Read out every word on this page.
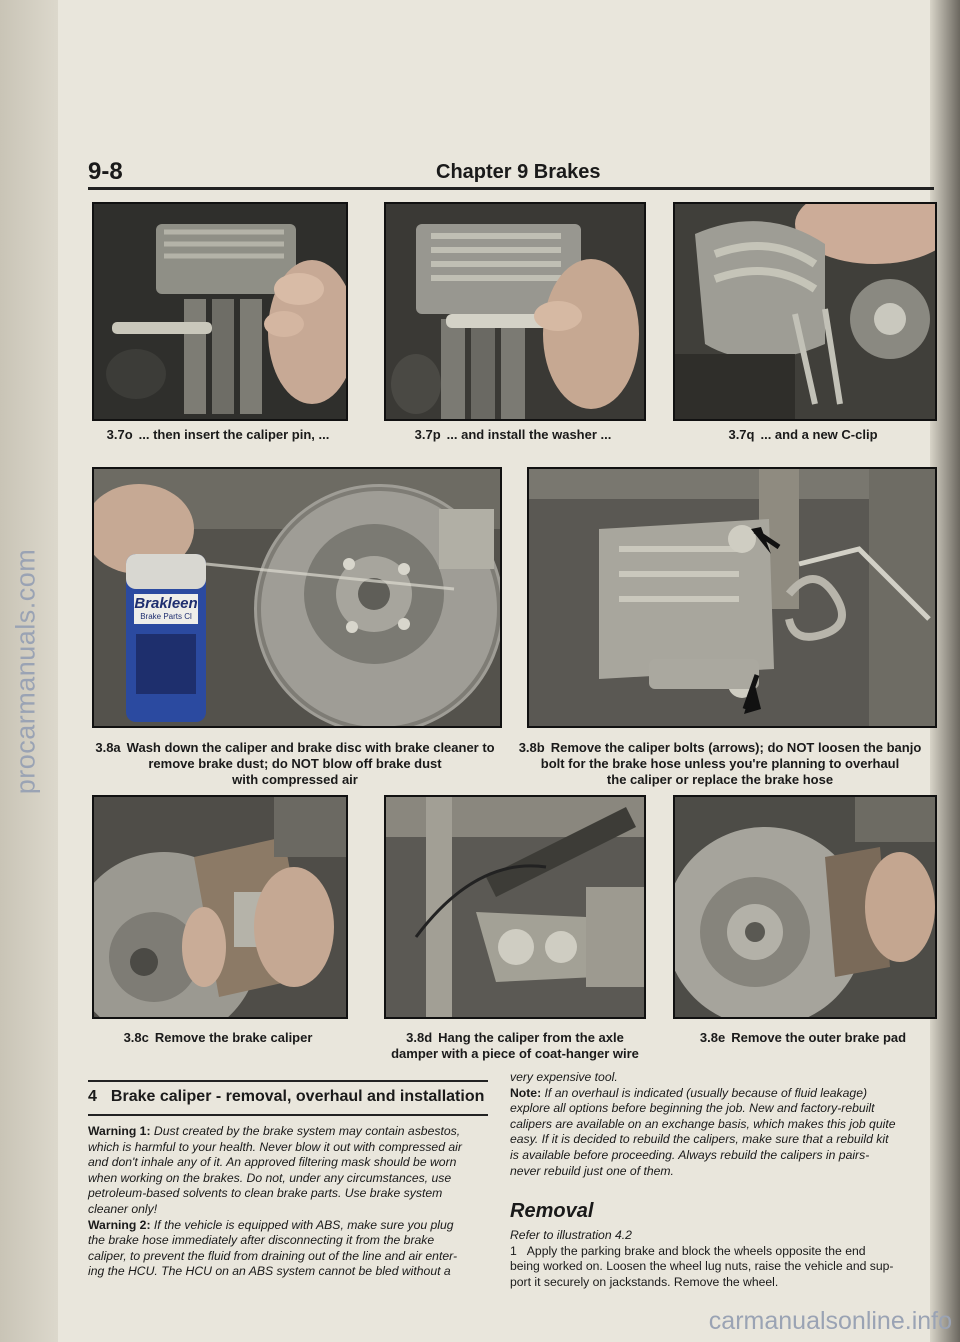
procarmanuals.com
9-8	Chapter 9 Brakes
3.7o ... then insert the caliper pin, ...	3.7p ... and install the washer ...	3.7q ... and a new C-clip
Brakleen
Brake Parts Cl
3.8a Wash down the caliper and brake disc with brake cleaner to
remove brake dust; do NOT blow off brake dust
with compressed air
3.8b Remove the caliper bolts (arrows); do NOT loosen the banjo
bolt for the brake hose unless you're planning to overhaul
the caliper or replace the brake hose
3.8c Remove the brake caliper	3.8d Hang the caliper from the axle
damper with a piece of coat-hanger wire
3.8e Remove the outer brake pad
4 Brake caliper - removal, overhaul and installation
Warning 1: Dust created by the brake system may contain asbestos,
which is harmful to your health. Never blow it out with compressed air
and don't inhale any of it. An approved filtering mask should be worn
when working on the brakes. Do not, under any circumstances, use
petroleum-based solvents to clean brake parts. Use brake system
cleaner only!
Warning 2: If the vehicle is equipped with ABS, make sure you plug
the brake hose immediately after disconnecting it from the brake
caliper, to prevent the fluid from draining out of the line and air enter-
ing the HCU. The HCU on an ABS system cannot be bled without a
very expensive tool.
Note: If an overhaul is indicated (usually because of fluid leakage)
explore all options before beginning the job. New and factory-rebuilt
calipers are available on an exchange basis, which makes this job quite
easy. If it is decided to rebuild the calipers, make sure that a rebuild kit
is available before proceeding. Always rebuild the calipers in pairs-
never rebuild just one of them.
Removal
Refer to illustration 4.2
1 Apply the parking brake and block the wheels opposite the end
being worked on. Loosen the wheel lug nuts, raise the vehicle and sup-
port it securely on jackstands. Remove the wheel.
carmanualsonline.info
